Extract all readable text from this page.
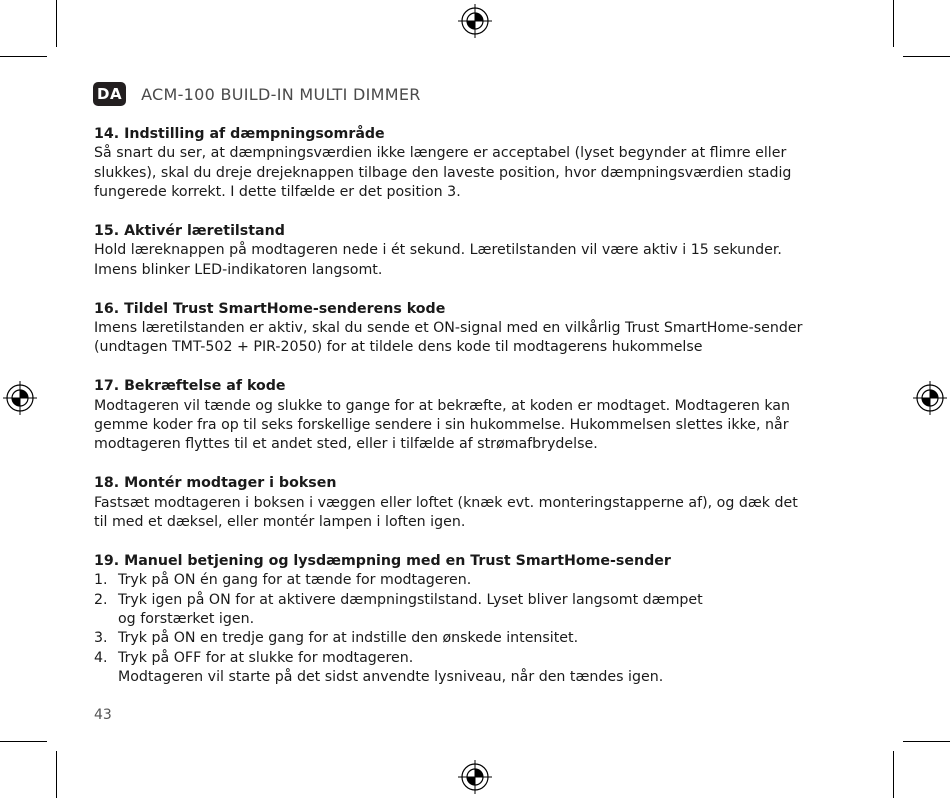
DA ACM-100 BUILD-IN MULTI DIMMER
14. Indstilling af dæmpningsområde
Så snart du ser, at dæmpningsværdien ikke længere er acceptabel (lyset begynder at flimre eller
slukkes), skal du dreje drejeknappen tilbage den laveste position, hvor dæmpningsværdien stadig
fungerede korrekt. I dette tilfælde er det position 3.
15. Aktivér læretilstand
Hold læreknappen på modtageren nede i ét sekund. Læretilstanden vil være aktiv i 15 sekunder.
Imens blinker LED-indikatoren langsomt.
16. Tildel Trust SmartHome-senderens kode
Imens læretilstanden er aktiv, skal du sende et ON-signal med en vilkårlig Trust SmartHome-sender
(undtagen TMT-502 + PIR-2050) for at tildele dens kode til modtagerens hukommelse
17. Bekræftelse af kode
Modtageren vil tænde og slukke to gange for at bekræfte, at koden er modtaget. Modtageren kan
gemme koder fra op til seks forskellige sendere i sin hukommelse. Hukommelsen slettes ikke, når
modtageren flyttes til et andet sted, eller i tilfælde af strømafbrydelse.
18. Montér modtager i boksen
Fastsæt modtageren i boksen i væggen eller loftet (knæk evt. monteringstapperne af), og dæk det
til med et dæksel, eller montér lampen i loften igen.
19. Manuel betjening og lysdæmpning med en Trust SmartHome-sender
1. Tryk på ON én gang for at tænde for modtageren.
2. Tryk igen på ON for at aktivere dæmpningstilstand. Lyset bliver langsomt dæmpet
og forstærket igen.
3. Tryk på ON en tredje gang for at indstille den ønskede intensitet.
4. Tryk på OFF for at slukke for modtageren.
Modtageren vil starte på det sidst anvendte lysniveau, når den tændes igen.
43
